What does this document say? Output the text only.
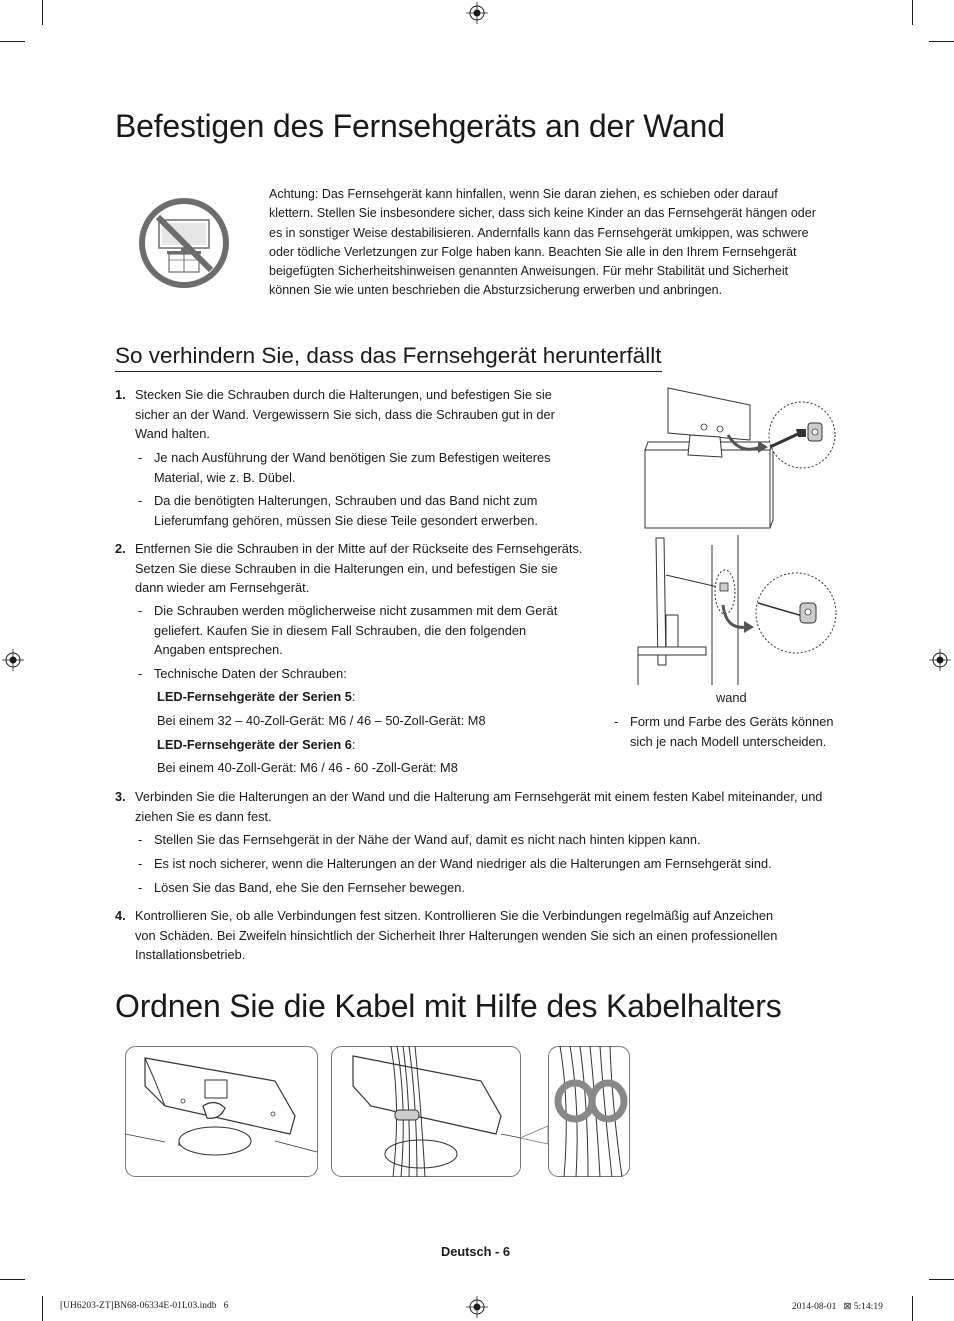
Befestigen des Fernsehgeräts an der Wand
Achtung: Das Fernsehgerät kann hinfallen, wenn Sie daran ziehen, es schieben oder darauf klettern. Stellen Sie insbesondere sicher, dass sich keine Kinder an das Fernsehgerät hängen oder es in sonstiger Weise destabilisieren. Andernfalls kann das Fernsehgerät umkippen, was schwere oder tödliche Verletzungen zur Folge haben kann. Beachten Sie alle in den Ihrem Fernsehgerät beigefügten Sicherheitshinweisen genannten Anweisungen. Für mehr Stabilität und Sicherheit können Sie wie unten beschrieben die Absturzsicherung erwerben und anbringen.
So verhindern Sie, dass das Fernsehgerät herunterfällt
1. Stecken Sie die Schrauben durch die Halterungen, und befestigen Sie sie sicher an der Wand. Vergewissern Sie sich, dass die Schrauben gut in der Wand halten.
- Je nach Ausführung der Wand benötigen Sie zum Befestigen weiteres Material, wie z. B. Dübel.
- Da die benötigten Halterungen, Schrauben und das Band nicht zum Lieferumfang gehören, müssen Sie diese Teile gesondert erwerben.
2. Entfernen Sie die Schrauben in der Mitte auf der Rückseite des Fernsehgeräts. Setzen Sie diese Schrauben in die Halterungen ein, und befestigen Sie sie dann wieder am Fernsehgerät.
- Die Schrauben werden möglicherweise nicht zusammen mit dem Gerät geliefert. Kaufen Sie in diesem Fall Schrauben, die den folgenden Angaben entsprechen.
- Technische Daten der Schrauben:
LED-Fernsehgeräte der Serien 5:
Bei einem 32 – 40-Zoll-Gerät: M6 / 46 – 50-Zoll-Gerät: M8
LED-Fernsehgeräte der Serien 6:
Bei einem 40-Zoll-Gerät: M6 / 46 - 60 -Zoll-Gerät: M8
wand
- Form und Farbe des Geräts können sich je nach Modell unterscheiden.
3. Verbinden Sie die Halterungen an der Wand und die Halterung am Fernsehgerät mit einem festen Kabel miteinander, und ziehen Sie es dann fest.
- Stellen Sie das Fernsehgerät in der Nähe der Wand auf, damit es nicht nach hinten kippen kann.
- Es ist noch sicherer, wenn die Halterungen an der Wand niedriger als die Halterungen am Fernsehgerät sind.
- Lösen Sie das Band, ehe Sie den Fernseher bewegen.
4. Kontrollieren Sie, ob alle Verbindungen fest sitzen. Kontrollieren Sie die Verbindungen regelmäßig auf Anzeichen von Schäden. Bei Zweifeln hinsichtlich der Sicherheit Ihrer Halterungen wenden Sie sich an einen professionellen Installationsbetrieb.
Ordnen Sie die Kabel mit Hilfe des Kabelhalters
Deutsch - 6
[UH6203-ZT]BN68-06334E-01L03.indb   6	2014-08-01   ⊠ 5:14:19
